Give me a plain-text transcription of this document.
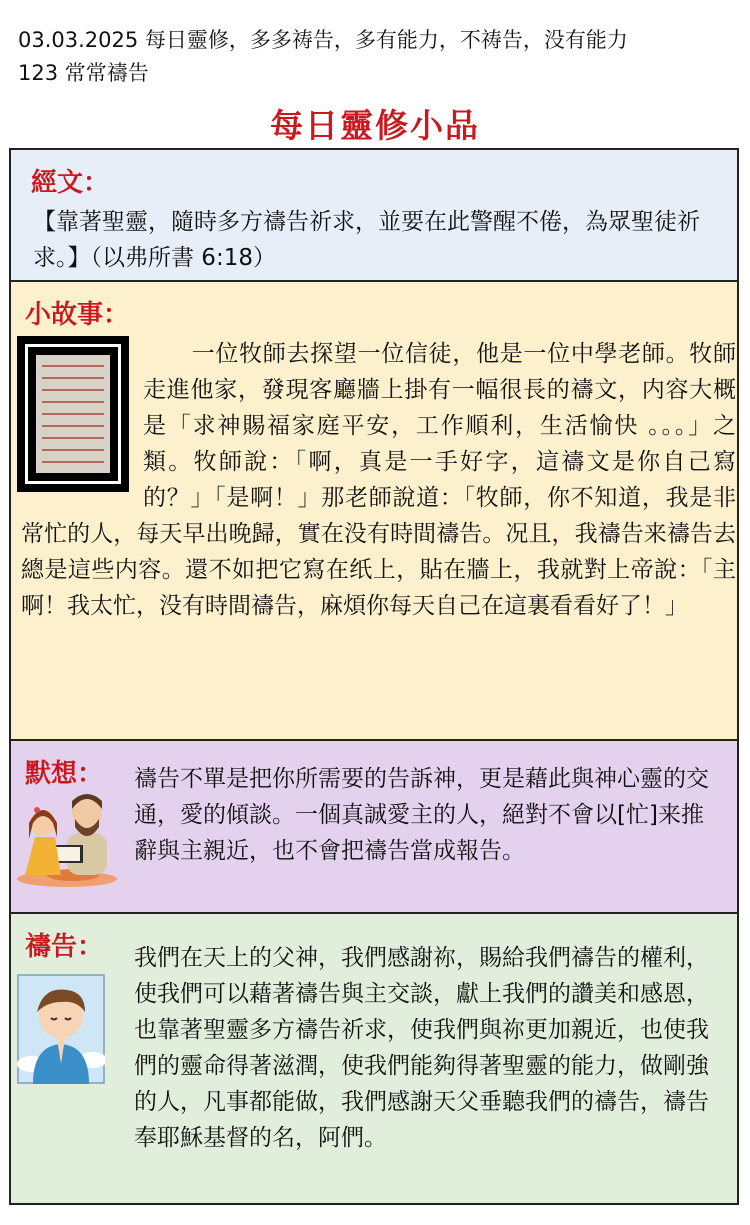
03.03.2025 每日靈修，多多祷告，多有能力，不祷告，没有能力
123 常常禱告
每日靈修小品
經文：
【靠著聖靈，隨時多方禱告祈求，並要在此警醒不倦，為眾聖徒祈求。】（以弗所書 6:18）
小故事：
一位牧師去探望一位信徒，他是一位中學老師。牧師走進他家，發現客廳牆上掛有一幅很長的禱文，内容大概是「求神賜福家庭平安，工作順利，生活愉快 。。。」之類。牧師說：「啊，真是一手好字，這禱文是你自己寫的？」「是啊！」那老師說道：「牧師，你不知道，我是非常忙的人，每天早出晚歸，實在没有時間禱告。况且，我禱告来禱告去總是這些内容。還不如把它寫在纸上，貼在牆上，我就對上帝說：「主啊！我太忙，没有時間禱告，麻煩你每天自己在這裏看看好了！」
默想： 禱告不單是把你所需要的告訴神，更是藉此與神心靈的交通，愛的傾談。一個真誠愛主的人，絕對不會以[忙]来推辭與主親近，也不會把禱告當成報告。
禱告： 我們在天上的父神，我們感謝祢，賜給我們禱告的權利，使我們可以藉著禱告與主交談，獻上我們的讚美和感恩，也靠著聖靈多方禱告祈求，使我們與祢更加親近，也使我們的靈命得著滋潤，使我們能夠得著聖靈的能力，做剛強的人，凡事都能做，我們感謝天父垂聽我們的禱告，禱告奉耶穌基督的名，阿們。
